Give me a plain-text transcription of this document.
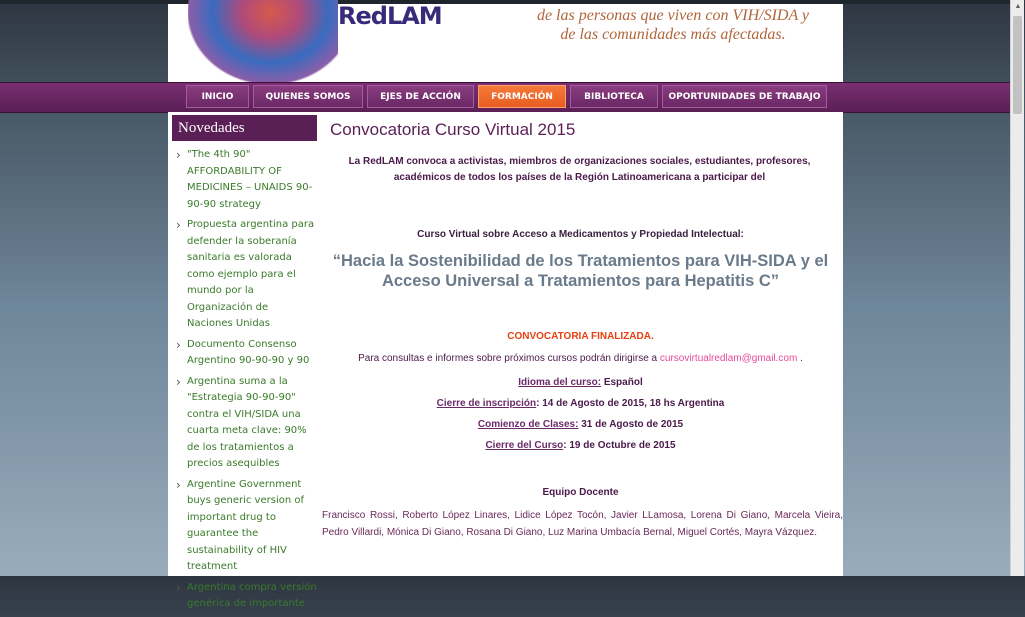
RedLAM	de las personas que viven con VIH/SIDA y
de las comunidades más afectadas.
INICIO	QUIENES SOMOS	EJES DE ACCIÓN	FORMACIÓN	BIBLIOTECA	OPORTUNIDADES DE TRABAJO
Novedades
› "The 4th 90" AFFORDABILITY OF MEDICINES – UNAIDS 90-90-90 strategy
› Propuesta argentina para defender la soberanía sanitaria es valorada como ejemplo para el mundo por la Organización de Naciones Unidas
› Documento Consenso Argentino 90-90-90 y 90
› Argentina suma a la "Estrategia 90-90-90" contra el VIH/SIDA una cuarta meta clave: 90% de los tratamientos a precios asequibles
› Argentine Government buys generic version of important drug to guarantee the sustainability of HIV treatment
› Argentina compra versión genérica de importante
Convocatoria Curso Virtual 2015
La RedLAM convoca a activistas, miembros de organizaciones sociales, estudiantes, profesores, académicos de todos los países de la Región Latinoamericana a participar del
Curso Virtual sobre Acceso a Medicamentos y Propiedad Intelectual:
“Hacia la Sostenibilidad de los Tratamientos para VIH-SIDA y el Acceso Universal a Tratamientos para Hepatitis C”
CONVOCATORIA FINALIZADA.
Para consultas e informes sobre próximos cursos podrán dirigirse a cursovirtualredlam@gmail.com .
Idioma del curso: Español
Cierre de inscripción: 14 de Agosto de 2015, 18 hs Argentina
Comienzo de Clases: 31 de Agosto de 2015
Cierre del Curso: 19 de Octubre de 2015
Equipo Docente
Francisco Rossi, Roberto López Linares, Lidice López Tocón, Javier LLamosa, Lorena Di Giano, Marcela Vieira, Pedro Villardi, Mónica Di Giano, Rosana Di Giano, Luz Marina Umbacía Bernal, Miguel Cortés, Mayra Vázquez.
▲
